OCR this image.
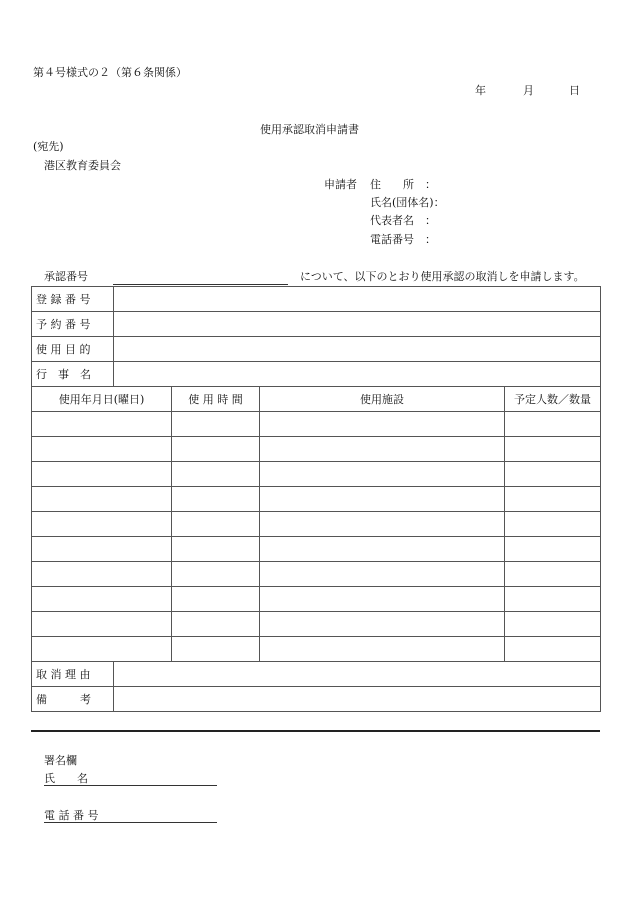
第４号様式の２（第６条関係）
年	月	日
使用承認取消申請書
(宛先)
港区教育委員会
申請者 住　　所　：
氏名(団体名)：
代表者名　：
電話番号　：
承認番号	について、以下のとおり使用承認の取消しを申請します。
登 録 番 号				
予 約 番 号				
使 用 目 的				
行　事　名				
使用年月日(曜日)		使 用 時 間	使用施設	予定人数／数量

取 消 理 由				
備　　　考				
署名欄
氏　　名
電 話 番 号
